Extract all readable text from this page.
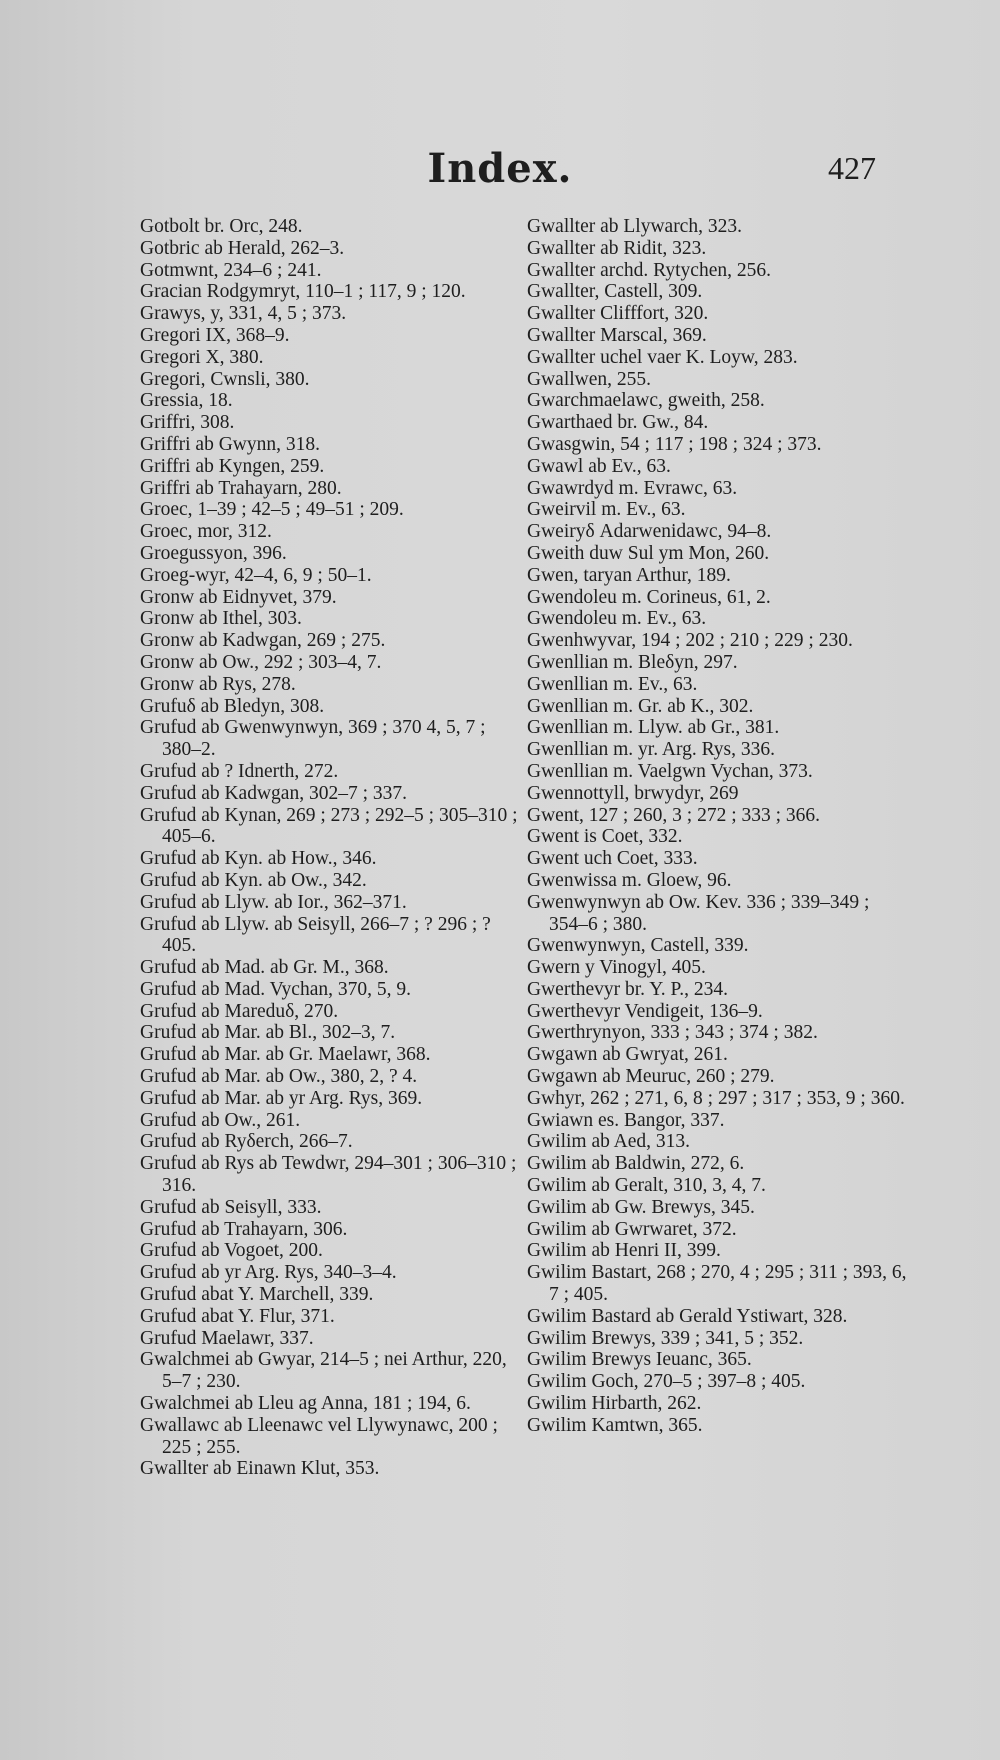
Index.	427
Gotbolt br. Orc, 248.
Gotbric ab Herald, 262–3.
Gotmwnt, 234–6 ; 241.
Gracian Rodgymryt, 110–1 ; 117, 9 ; 120.
Grawys, y, 331, 4, 5 ; 373.
Gregori IX, 368–9.
Gregori X, 380.
Gregori, Cwnsli, 380.
Gressia, 18.
Griffri, 308.
Griffri ab Gwynn, 318.
Griffri ab Kyngen, 259.
Griffri ab Trahayarn, 280.
Groec, 1–39 ; 42–5 ; 49–51 ; 209.
Groec, mor, 312.
Groegussyon, 396.
Groeg-wyr, 42–4, 6, 9 ; 50–1.
Gronw ab Eidnyvet, 379.
Gronw ab Ithel, 303.
Gronw ab Kadwgan, 269 ; 275.
Gronw ab Ow., 292 ; 303–4, 7.
Gronw ab Rys, 278.
Grufuδ ab Bledyn, 308.
Grufud ab Gwenwynwyn, 369 ; 370 4, 5, 7 ; 380–2.
Grufud ab ? Idnerth, 272.
Grufud ab Kadwgan, 302–7 ; 337.
Grufud ab Kynan, 269 ; 273 ; 292–5 ; 305–310 ; 405–6.
Grufud ab Kyn. ab How., 346.
Grufud ab Kyn. ab Ow., 342.
Grufud ab Llyw. ab Ior., 362–371.
Grufud ab Llyw. ab Seisyll, 266–7 ; ? 296 ; ? 405.
Grufud ab Mad. ab Gr. M., 368.
Grufud ab Mad. Vychan, 370, 5, 9.
Grufud ab Mareduδ, 270.
Grufud ab Mar. ab Bl., 302–3, 7.
Grufud ab Mar. ab Gr. Maelawr, 368.
Grufud ab Mar. ab Ow., 380, 2, ? 4.
Grufud ab Mar. ab yr Arg. Rys, 369.
Grufud ab Ow., 261.
Grufud ab Ryδerch, 266–7.
Grufud ab Rys ab Tewdwr, 294–301 ; 306–310 ; 316.
Grufud ab Seisyll, 333.
Grufud ab Trahayarn, 306.
Grufud ab Vogoet, 200.
Grufud ab yr Arg. Rys, 340–3–4.
Grufud abat Y. Marchell, 339.
Grufud abat Y. Flur, 371.
Grufud Maelawr, 337.
Gwalchmei ab Gwyar, 214–5 ; nei Arthur, 220, 5–7 ; 230.
Gwalchmei ab Lleu ag Anna, 181 ; 194, 6.
Gwallawc ab Lleenawc vel Llywynawc, 200 ; 225 ; 255.
Gwallter ab Einawn Klut, 353.
Gwallter ab Llywarch, 323.
Gwallter ab Ridit, 323.
Gwallter archd. Rytychen, 256.
Gwallter, Castell, 309.
Gwallter Clifffort, 320.
Gwallter Marscal, 369.
Gwallter uchel vaer K. Loyw, 283.
Gwallwen, 255.
Gwarchmaelawc, gweith, 258.
Gwarthaed br. Gw., 84.
Gwasgwin, 54 ; 117 ; 198 ; 324 ; 373.
Gwawl ab Ev., 63.
Gwawrdyd m. Evrawc, 63.
Gweirvil m. Ev., 63.
Gweiryδ Adarwenidawc, 94–8.
Gweith duw Sul ym Mon, 260.
Gwen, taryan Arthur, 189.
Gwendoleu m. Corineus, 61, 2.
Gwendoleu m. Ev., 63.
Gwenhwyvar, 194 ; 202 ; 210 ; 229 ; 230.
Gwenllian m. Bleδyn, 297.
Gwenllian m. Ev., 63.
Gwenllian m. Gr. ab K., 302.
Gwenllian m. Llyw. ab Gr., 381.
Gwenllian m. yr. Arg. Rys, 336.
Gwenllian m. Vaelgwn Vychan, 373.
Gwennottyll, brwydyr, 269
Gwent, 127 ; 260, 3 ; 272 ; 333 ; 366.
Gwent is Coet, 332.
Gwent uch Coet, 333.
Gwenwissa m. Gloew, 96.
Gwenwynwyn ab Ow. Kev. 336 ; 339–349 ; 354–6 ; 380.
Gwenwynwyn, Castell, 339.
Gwern y Vinogyl, 405.
Gwerthevyr br. Y. P., 234.
Gwerthevyr Vendigeit, 136–9.
Gwerthrynyon, 333 ; 343 ; 374 ; 382.
Gwgawn ab Gwryat, 261.
Gwgawn ab Meuruc, 260 ; 279.
Gwhyr, 262 ; 271, 6, 8 ; 297 ; 317 ; 353, 9 ; 360.
Gwiawn es. Bangor, 337.
Gwilim ab Aed, 313.
Gwilim ab Baldwin, 272, 6.
Gwilim ab Geralt, 310, 3, 4, 7.
Gwilim ab Gw. Brewys, 345.
Gwilim ab Gwrwaret, 372.
Gwilim ab Henri II, 399.
Gwilim Bastart, 268 ; 270, 4 ; 295 ; 311 ; 393, 6, 7 ; 405.
Gwilim Bastard ab Gerald Ystiwart, 328.
Gwilim Brewys, 339 ; 341, 5 ; 352.
Gwilim Brewys Ieuanc, 365.
Gwilim Goch, 270–5 ; 397–8 ; 405.
Gwilim Hirbarth, 262.
Gwilim Kamtwn, 365.
